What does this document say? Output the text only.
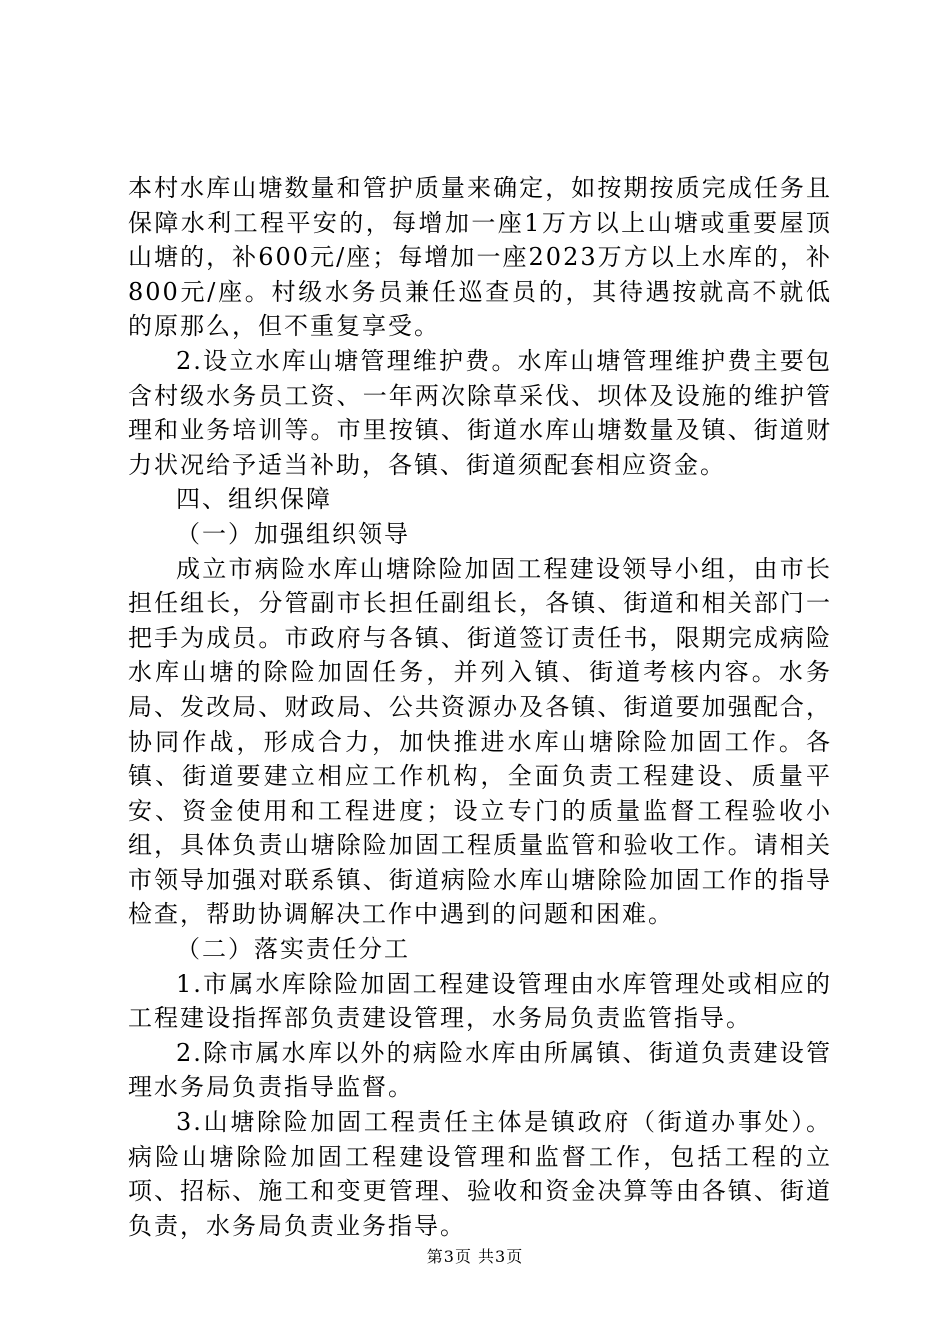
本村水库山塘数量和管护质量来确定，如按期按质完成任务且保障水利工程平安的，每增加一座1万方以上山塘或重要屋顶山塘的，补600元/座；每增加一座2023万方以上水库的，补800元/座。村级水务员兼任巡查员的，其待遇按就高不就低的原那么，但不重复享受。

2.设立水库山塘管理维护费。水库山塘管理维护费主要包含村级水务员工资、一年两次除草采伐、坝体及设施的维护管理和业务培训等。市里按镇、街道水库山塘数量及镇、街道财力状况给予适当补助，各镇、街道须配套相应资金。

四、组织保障

（一）加强组织领导

成立市病险水库山塘除险加固工程建设领导小组，由市长担任组长，分管副市长担任副组长，各镇、街道和相关部门一把手为成员。市政府与各镇、街道签订责任书，限期完成病险水库山塘的除险加固任务，并列入镇、街道考核内容。水务局、发改局、财政局、公共资源办及各镇、街道要加强配合，协同作战，形成合力，加快推进水库山塘除险加固工作。各镇、街道要建立相应工作机构，全面负责工程建设、质量平安、资金使用和工程进度；设立专门的质量监督工程验收小组，具体负责山塘除险加固工程质量监管和验收工作。请相关市领导加强对联系镇、街道病险水库山塘除险加固工作的指导检查，帮助协调解决工作中遇到的问题和困难。

（二）落实责任分工

1.市属水库除险加固工程建设管理由水库管理处或相应的工程建设指挥部负责建设管理，水务局负责监管指导。

2.除市属水库以外的病险水库由所属镇、街道负责建设管理水务局负责指导监督。

3.山塘除险加固工程责任主体是镇政府（街道办事处）。病险山塘除险加固工程建设管理和监督工作，包括工程的立项、招标、施工和变更管理、验收和资金决算等由各镇、街道负责，水务局负责业务指导。

第3页 共3页
